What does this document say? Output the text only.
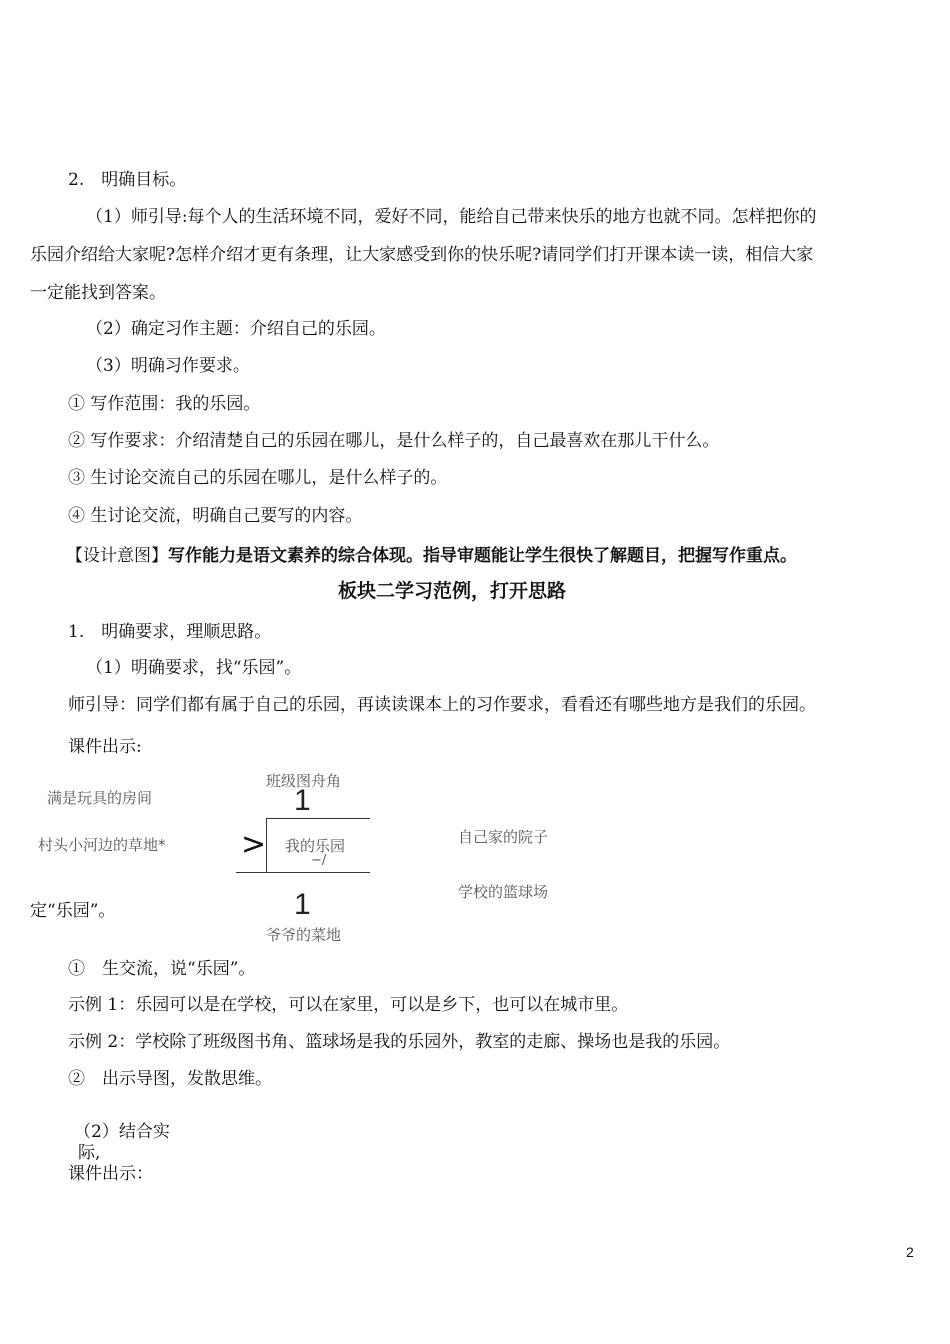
2.　明确目标。
（1）师引导:每个人的生活环境不同，爱好不同，能给自己带来快乐的地方也就不同。怎样把你的
乐园介绍给大家呢?怎样介绍才更有条理，让大家感受到你的快乐呢?请同学们打开课本读一读，相信大家
一定能找到答案。
（2）确定习作主题：介绍自己的乐园。
（3）明确习作要求。
① 写作范围：我的乐园。
② 写作要求：介绍清楚自己的乐园在哪儿，是什么样子的，自己最喜欢在那儿干什么。
③ 生讨论交流自己的乐园在哪儿，是什么样子的。
④ 生讨论交流，明确自己要写的内容。
【设计意图】写作能力是语文素养的综合体现。指导审题能让学生很快了解题目，把握写作重点。
板块二学习范例，打开思路
1.　明确要求，理顺思路。
（1）明确要求，找“乐园”。
师引导：同学们都有属于自己的乐园，再读读课本上的习作要求，看看还有哪些地方是我们的乐园。
课件出示:
班级图舟角
1
满是玩具的房间
村头小河边的草地*	> 我的乐园
−/
自己家的院子
学校的篮球场
定“乐园”。	1
爷爷的菜地
①　生交流，说“乐园”。
示例 1：乐园可以是在学校，可以在家里，可以是乡下，也可以在城市里。
示例 2：学校除了班级图书角、篮球场是我的乐园外，教室的走廊、操场也是我的乐园。
②　出示导图，发散思维。
（2）结合实
际,
课件出示：
2
